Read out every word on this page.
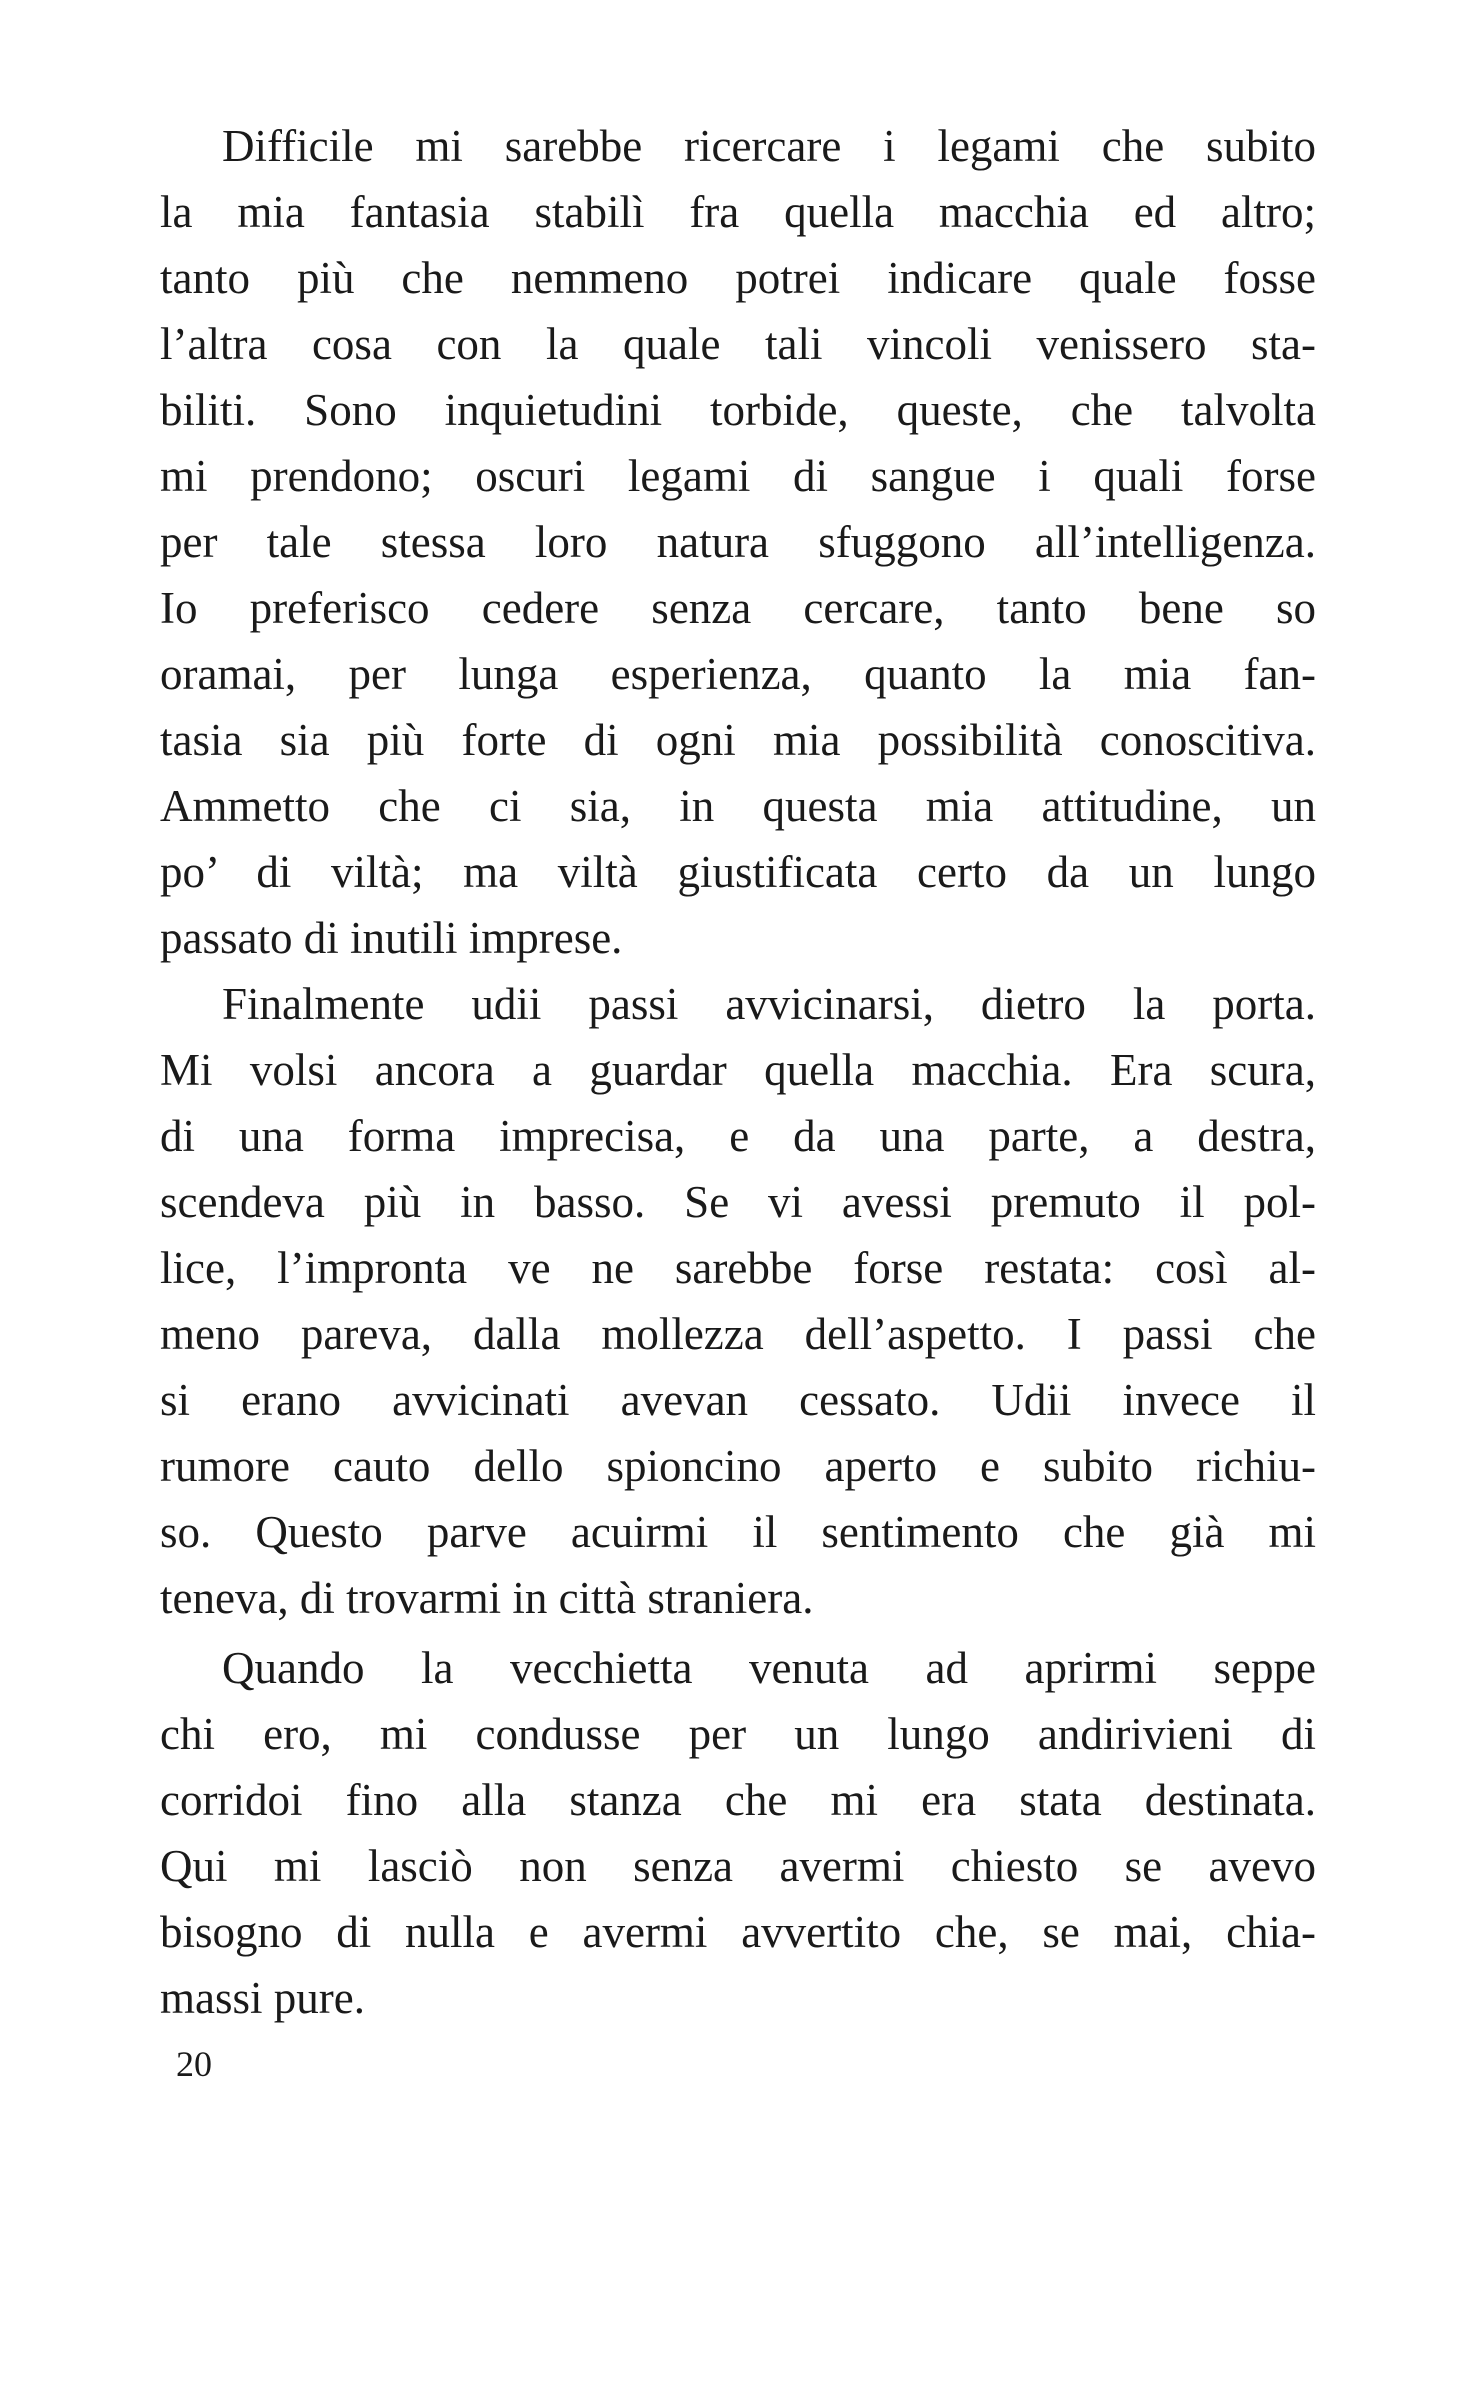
Difficile mi sarebbe ricercare i legami che subito
la mia fantasia stabilì fra quella macchia ed altro;
tanto più che nemmeno potrei indicare quale fosse
l’altra cosa con la quale tali vincoli venissero sta-
biliti. Sono inquietudini torbide, queste, che talvolta
mi prendono; oscuri legami di sangue i quali forse
per tale stessa loro natura sfuggono all’intelligenza.
Io preferisco cedere senza cercare, tanto bene so
oramai, per lunga esperienza, quanto la mia fan-
tasia sia più forte di ogni mia possibilità conoscitiva.
Ammetto che ci sia, in questa mia attitudine, un
po’ di viltà; ma viltà giustificata certo da un lungo
passato di inutili imprese.
Finalmente udii passi avvicinarsi, dietro la porta.
Mi volsi ancora a guardar quella macchia. Era scura,
di una forma imprecisa, e da una parte, a destra,
scendeva più in basso. Se vi avessi premuto il pol-
lice, l’impronta ve ne sarebbe forse restata: così al-
meno pareva, dalla mollezza dell’aspetto. I passi che
si erano avvicinati avevan cessato. Udii invece il
rumore cauto dello spioncino aperto e subito richiu-
so. Questo parve acuirmi il sentimento che già mi
teneva, di trovarmi in città straniera.
Quando la vecchietta venuta ad aprirmi seppe
chi ero, mi condusse per un lungo andirivieni di
corridoi fino alla stanza che mi era stata destinata.
Qui mi lasciò non senza avermi chiesto se avevo
bisogno di nulla e avermi avvertito che, se mai, chia-
massi pure.
20
